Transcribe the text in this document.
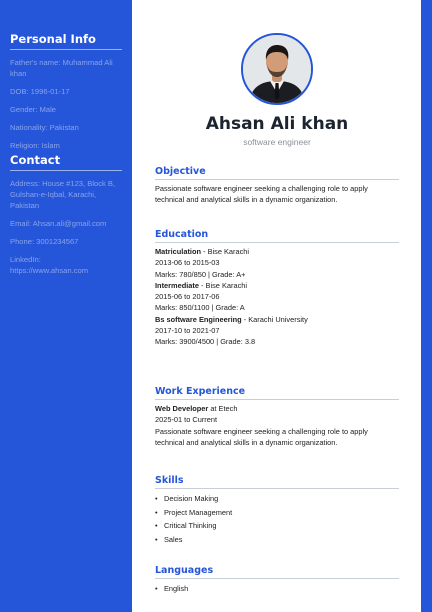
Personal Info
Father's name: Muhammad Ali khan
DOB: 1996-01-17
Gender: Male
Nationality: Pakistan
Religion: Islam
Contact
Address: House #123, Block B, Gulshan-e-Iqbal, Karachi, Pakistan
Email: Ahsan.ali@gmail.com
Phone: 3001234567
LinkedIn:
https://www.ahsan.com
Ahsan Ali khan
software engineer
Objective
Passionate software engineer seeking a challenging role to apply technical and analytical skills in a dynamic organization.
Education
Matriculation - Bise Karachi
2013-06 to 2015-03
Marks: 780/850 | Grade: A+
Intermediate - Bise Karachi
2015-06 to 2017-06
Marks: 850/1100 | Grade: A
Bs software Engineering - Karachi University
2017-10 to 2021-07
Marks: 3900/4500 | Grade: 3.8
Work Experience
Web Developer at Etech
2025-01 to Current
Passionate software engineer seeking a challenging role to apply technical and analytical skills in a dynamic organization.
Skills
• Decision Making
• Project Management
• Critical Thinking
• Sales
Languages
• English
